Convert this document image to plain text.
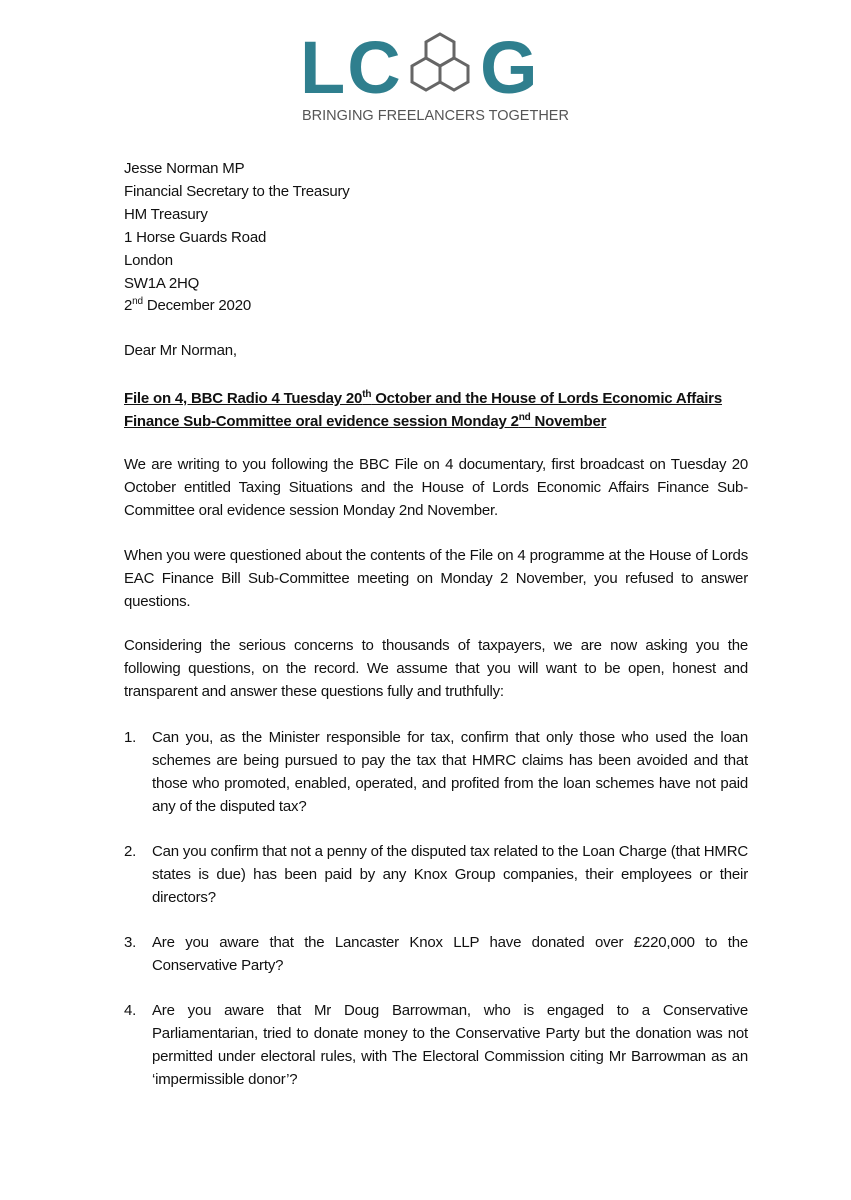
LC G
BRINGING FREELANCERS TOGETHER
Jesse Norman MP
Financial Secretary to the Treasury
HM Treasury
1 Horse Guards Road
London
SW1A 2HQ
2nd December 2020
Dear Mr Norman,
File on 4, BBC Radio 4 Tuesday 20th October and the House of Lords Economic Affairs Finance Sub-Committee oral evidence session Monday 2nd November
We are writing to you following the BBC File on 4 documentary, first broadcast on Tuesday 20 October entitled Taxing Situations and the House of Lords Economic Affairs Finance Sub-Committee oral evidence session Monday 2nd November.
When you were questioned about the contents of the File on 4 programme at the House of Lords EAC Finance Bill Sub-Committee meeting on Monday 2 November, you refused to answer questions.
Considering the serious concerns to thousands of taxpayers, we are now asking you the following questions, on the record. We assume that you will want to be open, honest and transparent and answer these questions fully and truthfully:
1. Can you, as the Minister responsible for tax, confirm that only those who used the loan schemes are being pursued to pay the tax that HMRC claims has been avoided and that those who promoted, enabled, operated, and profited from the loan schemes have not paid any of the disputed tax?
2. Can you confirm that not a penny of the disputed tax related to the Loan Charge (that HMRC states is due) has been paid by any Knox Group companies, their employees or their directors?
3. Are you aware that the Lancaster Knox LLP have donated over £220,000 to the Conservative Party?
4. Are you aware that Mr Doug Barrowman, who is engaged to a Conservative Parliamentarian, tried to donate money to the Conservative Party but the donation was not permitted under electoral rules, with The Electoral Commission citing Mr Barrowman as an ‘impermissible donor’?
